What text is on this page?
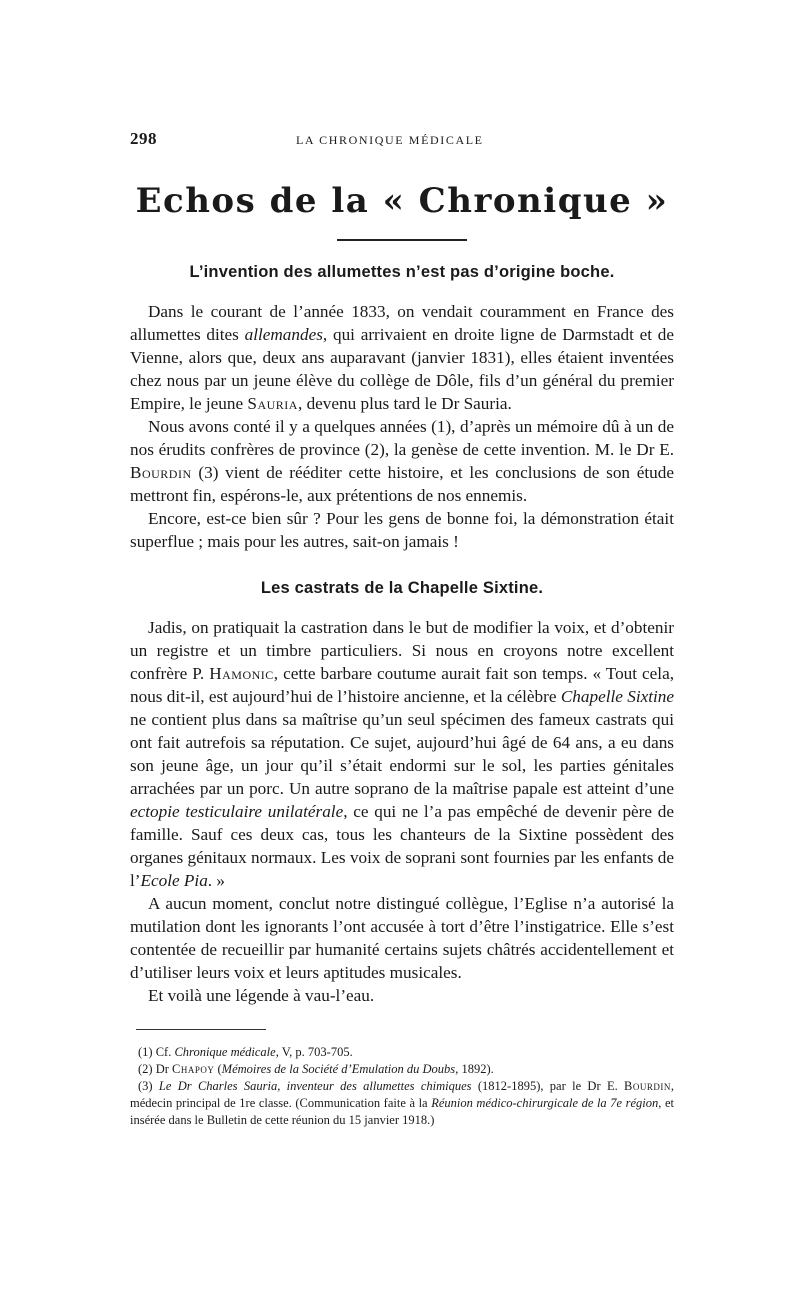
298	LA CHRONIQUE MÉDICALE
Echos de la « Chronique »
L’invention des allumettes n’est pas d’origine boche.

Dans le courant de l’année 1833, on vendait couramment en France des allumettes dites allemandes, qui arrivaient en droite ligne de Darmstadt et de Vienne, alors que, deux ans auparavant (janvier 1831), elles étaient inventées chez nous par un jeune élève du collège de Dôle, fils d’un général du premier Empire, le jeune Sauria, devenu plus tard le Dr Sauria.

Nous avons conté il y a quelques années (1), d’après un mémoire dû à un de nos érudits confrères de province (2), la genèse de cette invention. M. le Dr E. Bourdin (3) vient de rééditer cette histoire, et les conclusions de son étude mettront fin, espérons-le, aux prétentions de nos ennemis.

Encore, est-ce bien sûr ? Pour les gens de bonne foi, la démonstration était superflue ; mais pour les autres, sait-on jamais !

Les castrats de la Chapelle Sixtine.

Jadis, on pratiquait la castration dans le but de modifier la voix, et d’obtenir un registre et un timbre particuliers. Si nous en croyons notre excellent confrère P. Hamonic, cette barbare coutume aurait fait son temps. « Tout cela, nous dit-il, est aujourd’hui de l’histoire ancienne, et la célèbre Chapelle Sixtine ne contient plus dans sa maîtrise qu’un seul spécimen des fameux castrats qui ont fait autrefois sa réputation. Ce sujet, aujourd’hui âgé de 64 ans, a eu dans son jeune âge, un jour qu’il s’était endormi sur le sol, les parties génitales arrachées par un porc. Un autre soprano de la maîtrise papale est atteint d’une ectopie testiculaire unilatérale, ce qui ne l’a pas empêché de devenir père de famille. Sauf ces deux cas, tous les chanteurs de la Sixtine possèdent des organes génitaux normaux. Les voix de soprani sont fournies par les enfants de l’Ecole Pia. »

A aucun moment, conclut notre distingué collègue, l’Eglise n’a autorisé la mutilation dont les ignorants l’ont accusée à tort d’être l’instigatrice. Elle s’est contentée de recueillir par humanité certains sujets châtrés accidentellement et d’utiliser leurs voix et leurs aptitudes musicales.

Et voilà une légende à vau-l’eau.

(1) Cf. Chronique médicale, V, p. 703-705.

(2) Dr Chapoy (Mémoires de la Société d’Emulation du Doubs, 1892).

(3) Le Dr Charles Sauria, inventeur des allumettes chimiques (1812-1895), par le Dr E. Bourdin, médecin principal de 1re classe. (Communication faite à la Réunion médico-chirurgicale de la 7e région, et insérée dans le Bulletin de cette réunion du 15 janvier 1918.)
